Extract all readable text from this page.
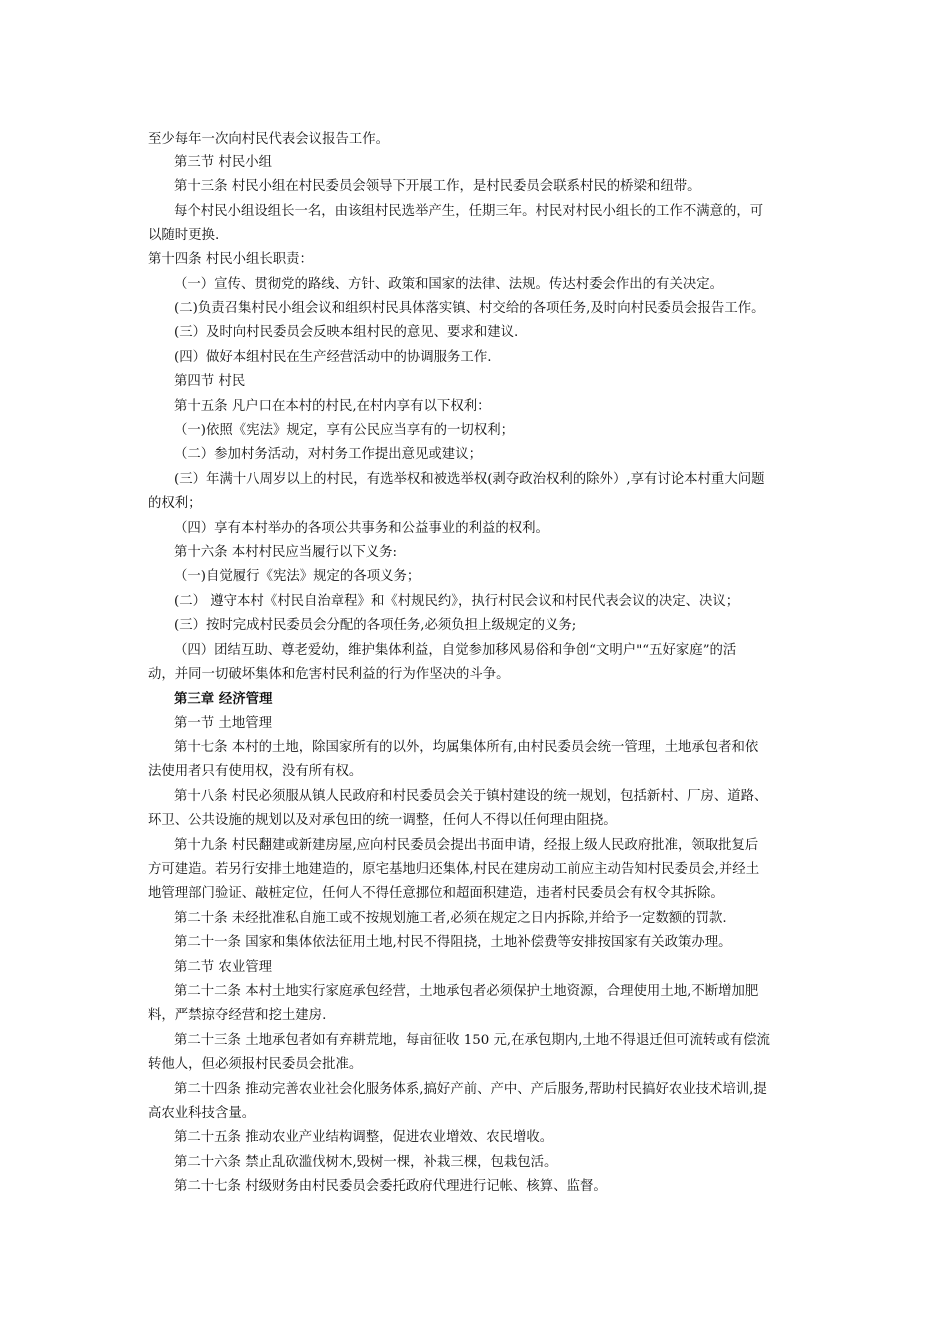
至少每年一次向村民代表会议报告工作。
第三节 村民小组
第十三条 村民小组在村民委员会领导下开展工作，是村民委员会联系村民的桥梁和纽带。
每个村民小组设组长一名，由该组村民选举产生，任期三年。村民对村民小组长的工作不满意的，可
以随时更换.
第十四条 村民小组长职责：
（一）宣传、贯彻党的路线、方针、政策和国家的法律、法规。传达村委会作出的有关决定。
(二)负责召集村民小组会议和组织村民具体落实镇、村交给的各项任务,及时向村民委员会报告工作。
(三）及时向村民委员会反映本组村民的意见、要求和建议.
(四）做好本组村民在生产经营活动中的协调服务工作.
第四节 村民
第十五条 凡户口在本村的村民,在村内享有以下权利：
（一)依照《宪法》规定，享有公民应当享有的一切权利；
（二）参加村务活动，对村务工作提出意见或建议；
(三）年满十八周岁以上的村民，有选举权和被选举权(剥夺政治权利的除外）,享有讨论本村重大问题
的权利；
（四）享有本村举办的各项公共事务和公益事业的利益的权利。
第十六条 本村村民应当履行以下义务:
（一)自觉履行《宪法》规定的各项义务；
(二） 遵守本村《村民自治章程》和《村规民约》，执行村民会议和村民代表会议的决定、决议；
(三）按时完成村民委员会分配的各项任务,必须负担上级规定的义务;
（四）团结互助、尊老爱幼，维护集体利益，自觉参加移风易俗和争创“文明户"“五好家庭”的活
动，并同一切破坏集体和危害村民利益的行为作坚决的斗争。
第三章 经济管理
第一节 土地管理
第十七条 本村的土地，除国家所有的以外，均属集体所有,由村民委员会统一管理，土地承包者和依
法使用者只有使用权，没有所有权。
第十八条 村民必须服从镇人民政府和村民委员会关于镇村建设的统一规划，包括新村、厂房、道路、
环卫、公共设施的规划以及对承包田的统一调整，任何人不得以任何理由阻挠。
第十九条 村民翻建或新建房屋,应向村民委员会提出书面申请，经报上级人民政府批准，领取批复后
方可建造。若另行安排土地建造的，原宅基地归还集体,村民在建房动工前应主动告知村民委员会,并经土
地管理部门验证、敲桩定位，任何人不得任意挪位和超面积建造，违者村民委员会有权令其拆除。
第二十条 未经批准私自施工或不按规划施工者,必须在规定之日内拆除,并给予一定数额的罚款.
第二十一条 国家和集体依法征用土地,村民不得阻挠，土地补偿费等安排按国家有关政策办理。
第二节 农业管理
第二十二条 本村土地实行家庭承包经营，土地承包者必须保护土地资源，合理使用土地,不断增加肥
料，严禁掠夺经营和挖土建房.
第二十三条 土地承包者如有弃耕荒地，每亩征收 150 元,在承包期内,土地不得退迁但可流转或有偿流
转他人，但必须报村民委员会批准。
第二十四条 推动完善农业社会化服务体系,搞好产前、产中、产后服务,帮助村民搞好农业技术培训,提
高农业科技含量。
第二十五条 推动农业产业结构调整，促进农业增效、农民增收。
第二十六条 禁止乱砍滥伐树木,毁树一棵，补栽三棵，包栽包活。
第二十七条 村级财务由村民委员会委托政府代理进行记帐、核算、监督。
